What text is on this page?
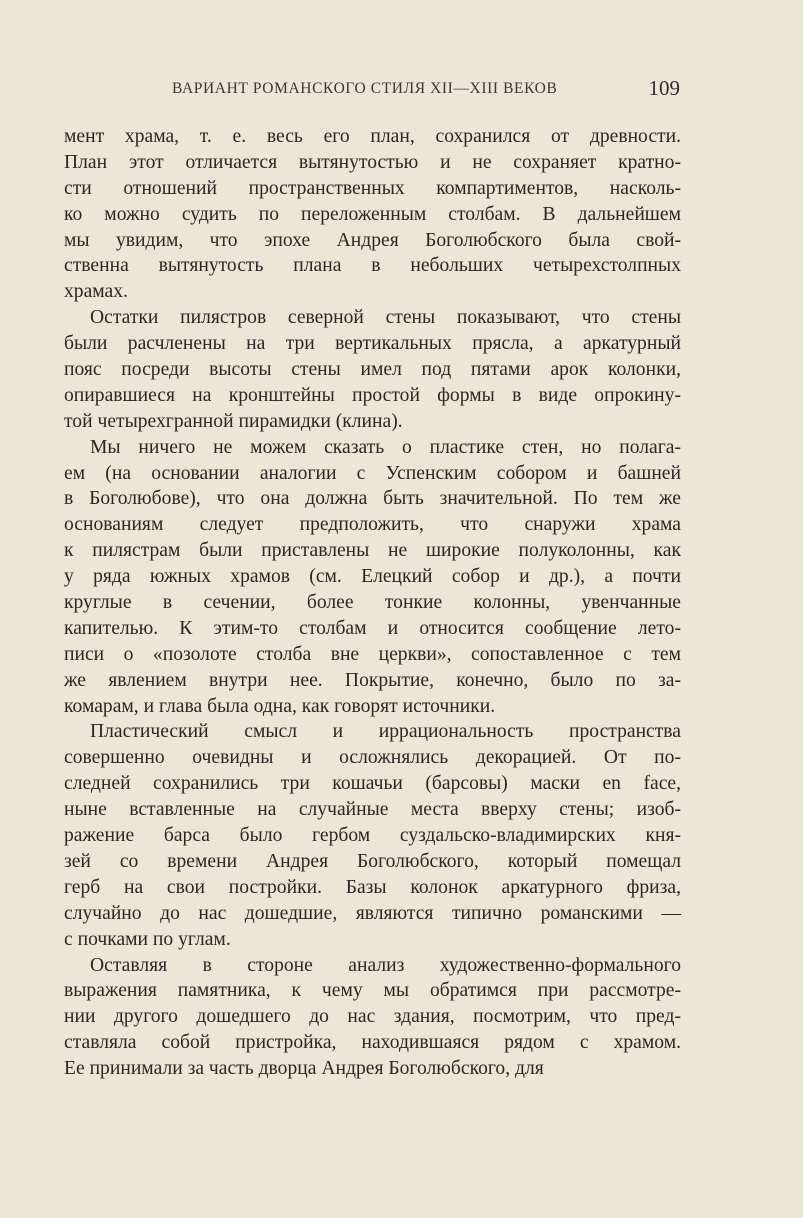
ВАРИАНТ РОМАНСКОГО СТИЛЯ XII—XIII ВЕКОВ	109

мент храма, т. е. весь его план, сохранился от древности.
План этот отличается вытянутостью и не сохраняет кратно-
сти отношений пространственных компартиментов, насколь-
ко можно судить по переложенным столбам. В дальнейшем
мы увидим, что эпохе Андрея Боголюбского была свой-
ственна вытянутость плана в небольших четырехстолпных
храмах.

Остатки пилястров северной стены показывают, что стены
были расчленены на три вертикальных прясла, а аркатурный
пояс посреди высоты стены имел под пятами арок колонки,
опиравшиеся на кронштейны простой формы в виде опрокину-
той четырехгранной пирамидки (клина).

Мы ничего не можем сказать о пластике стен, но полага-
ем (на основании аналогии с Успенским собором и башней
в Боголюбове), что она должна быть значительной. По тем же
основаниям следует предположить, что снаружи храма
к пилястрам были приставлены не широкие полуколонны, как
у ряда южных храмов (см. Елецкий собор и др.), а почти
круглые в сечении, более тонкие колонны, увенчанные
капителью. К этим-то столбам и относится сообщение лето-
писи о «позолоте столба вне церкви», сопоставленное с тем
же явлением внутри нее. Покрытие, конечно, было по за-
комарам, и глава была одна, как говорят источники.

Пластический смысл и иррациональность пространства
совершенно очевидны и осложнялись декорацией. От по-
следней сохранились три кошачьи (барсовы) маски en face,
ныне вставленные на случайные места вверху стены; изоб-
ражение барса было гербом суздальско-владимирских кня-
зей со времени Андрея Боголюбского, который помещал
герб на свои постройки. Базы колонок аркатурного фриза,
случайно до нас дошедшие, являются типично романскими —
с почками по углам.

Оставляя в стороне анализ художественно-формального
выражения памятника, к чему мы обратимся при рассмотре-
нии другого дошедшего до нас здания, посмотрим, что пред-
ставляла собой пристройка, находившаяся рядом с храмом.
Ее принимали за часть дворца Андрея Боголюбского, для
